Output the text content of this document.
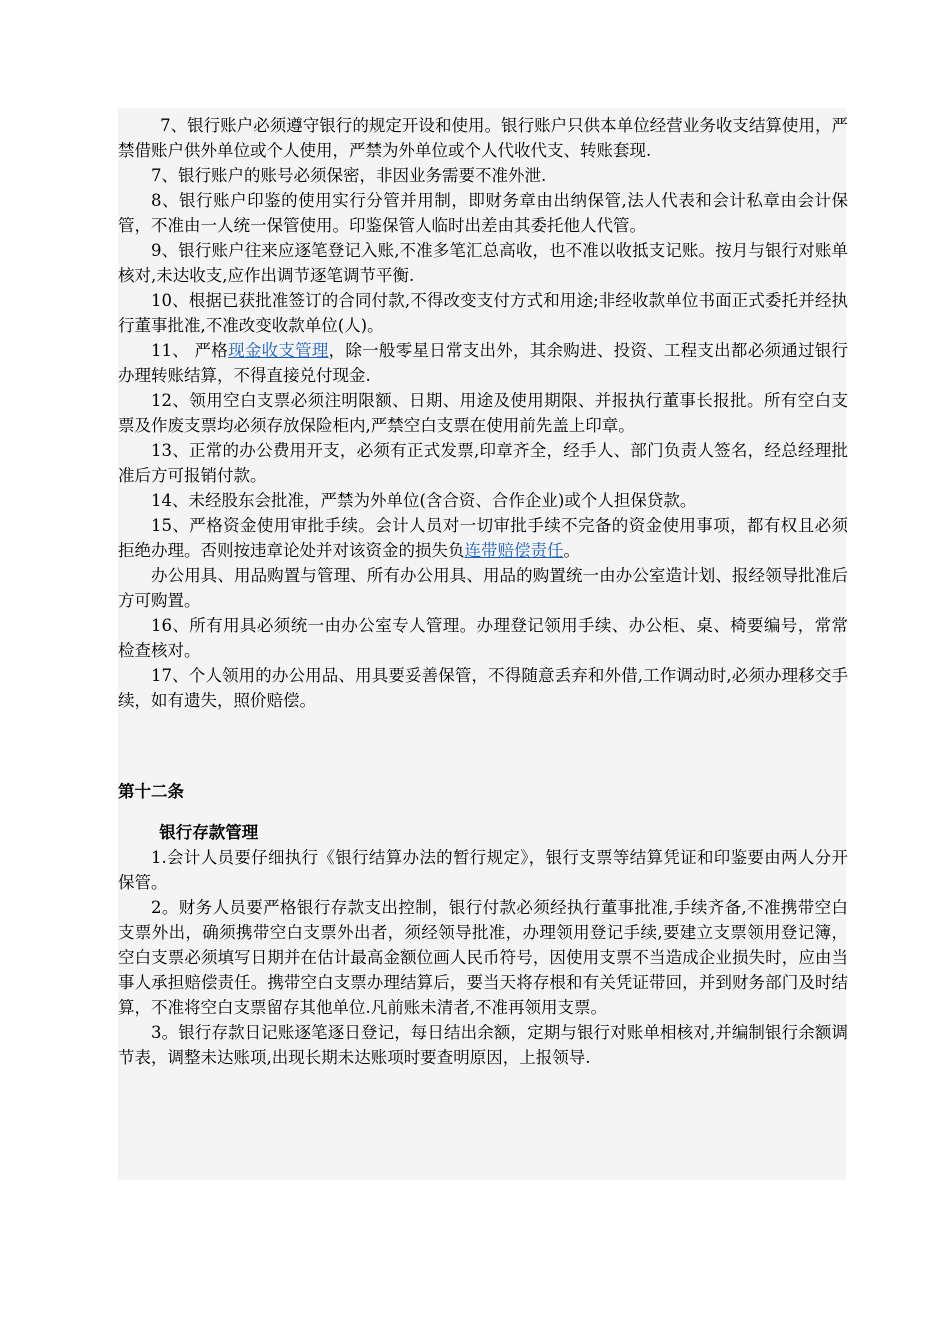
7、银行账户必须遵守银行的规定开设和使用。银行账户只供本单位经营业务收支结算使用，严禁借账户供外单位或个人使用，严禁为外单位或个人代收代支、转账套现.

7、银行账户的账号必须保密，非因业务需要不准外泄.

8、银行账户印鉴的使用实行分管并用制，即财务章由出纳保管,法人代表和会计私章由会计保管，不准由一人统一保管使用。印鉴保管人临时出差由其委托他人代管。

9、银行账户往来应逐笔登记入账,不准多笔汇总高收，也不准以收抵支记账。按月与银行对账单核对,未达收支,应作出调节逐笔调节平衡.

10、根据已获批准签订的合同付款,不得改变支付方式和用途;非经收款单位书面正式委托并经执行董事批准,不准改变收款单位(人)。

11、 严格现金收支管理，除一般零星日常支出外，其余购进、投资、工程支出都必须通过银行办理转账结算，不得直接兑付现金.

12、领用空白支票必须注明限额、日期、用途及使用期限、并报执行董事长报批。所有空白支票及作废支票均必须存放保险柜内,严禁空白支票在使用前先盖上印章。

13、正常的办公费用开支，必须有正式发票,印章齐全，经手人、部门负责人签名，经总经理批准后方可报销付款。

14、未经股东会批准，严禁为外单位(含合资、合作企业)或个人担保贷款。

15、严格资金使用审批手续。会计人员对一切审批手续不完备的资金使用事项，都有权且必须拒绝办理。否则按违章论处并对该资金的损失负连带赔偿责任。

办公用具、用品购置与管理、所有办公用具、用品的购置统一由办公室造计划、报经领导批准后方可购置。

16、所有用具必须统一由办公室专人管理。办理登记领用手续、办公柜、桌、椅要编号，常常检查核对。

17、个人领用的办公用品、用具要妥善保管，不得随意丢弃和外借,工作调动时,必须办理移交手续，如有遗失，照价赔偿。

第十二条

银行存款管理

1.会计人员要仔细执行《银行结算办法的暂行规定》，银行支票等结算凭证和印鉴要由两人分开保管。

2。财务人员要严格银行存款支出控制，银行付款必须经执行董事批准,手续齐备,不准携带空白支票外出，确须携带空白支票外出者，须经领导批准，办理领用登记手续,要建立支票领用登记簿，空白支票必须填写日期并在估计最高金额位画人民币符号，因使用支票不当造成企业损失时，应由当事人承担赔偿责任。携带空白支票办理结算后，要当天将存根和有关凭证带回，并到财务部门及时结算，不准将空白支票留存其他单位.凡前账未清者,不准再领用支票。

3。银行存款日记账逐笔逐日登记，每日结出余额，定期与银行对账单相核对,并编制银行余额调节表，调整未达账项,出现长期未达账项时要查明原因，上报领导.
